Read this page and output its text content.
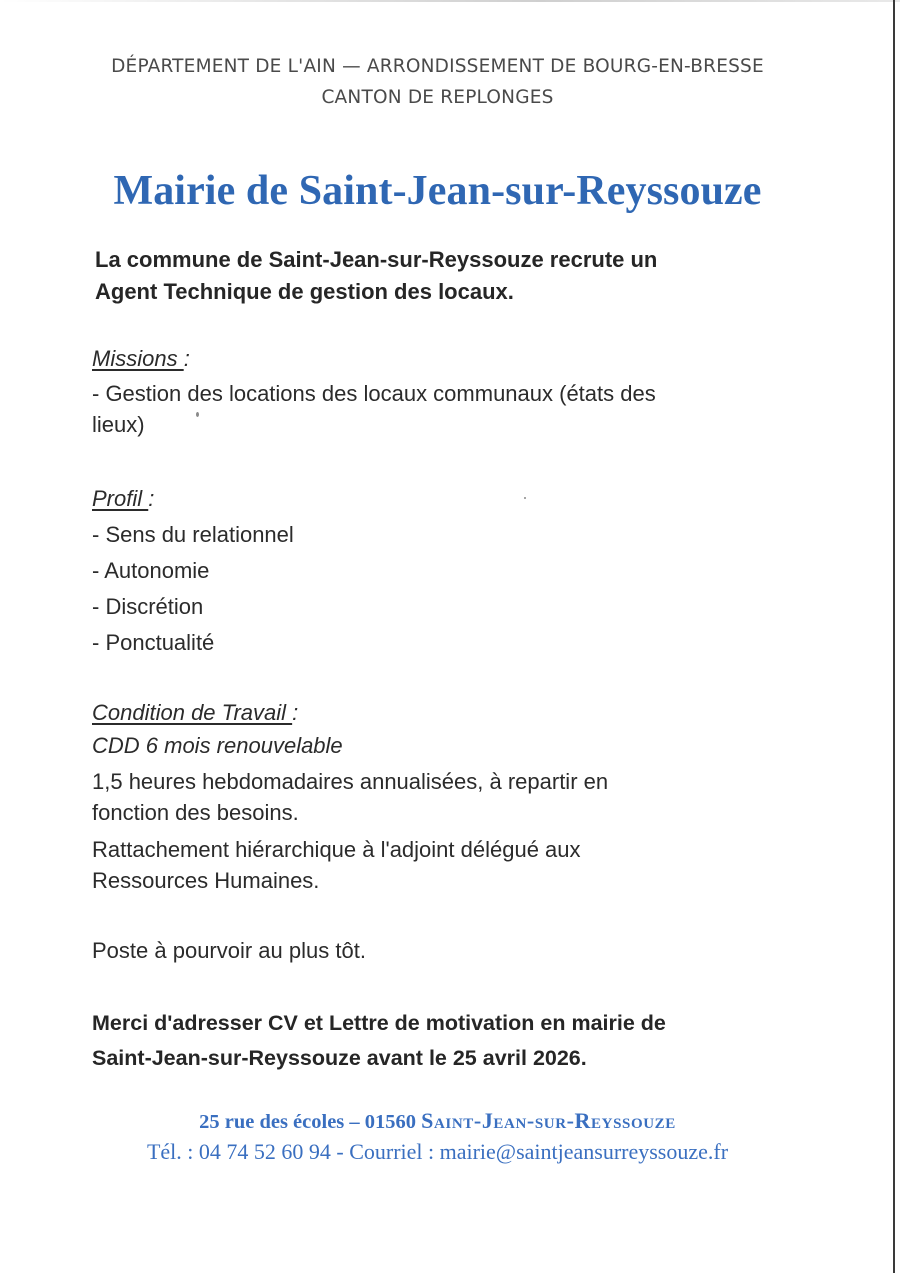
DÉPARTEMENT DE L'AIN — ARRONDISSEMENT DE BOURG-EN-BRESSE
CANTON DE REPLONGES
Mairie de Saint-Jean-sur-Reyssouze
La commune de Saint-Jean-sur-Reyssouze recrute un
Agent Technique de gestion des locaux.
Missions :
- Gestion des locations des locaux communaux (états des
lieux)
Profil :
- Sens du relationnel
- Autonomie
- Discrétion
- Ponctualité
Condition de Travail :
CDD 6 mois renouvelable
1,5 heures hebdomadaires annualisées, à repartir en
fonction des besoins.
Rattachement hiérarchique à l'adjoint délégué aux
Ressources Humaines.
Poste à pourvoir au plus tôt.
Merci d'adresser CV et Lettre de motivation en mairie de
Saint-Jean-sur-Reyssouze avant le 25 avril 2026.
25 rue des écoles – 01560 Saint-Jean-sur-Reyssouze
Tél. : 04 74 52 60 94 - Courriel : mairie@saintjeansurreyssouze.fr
